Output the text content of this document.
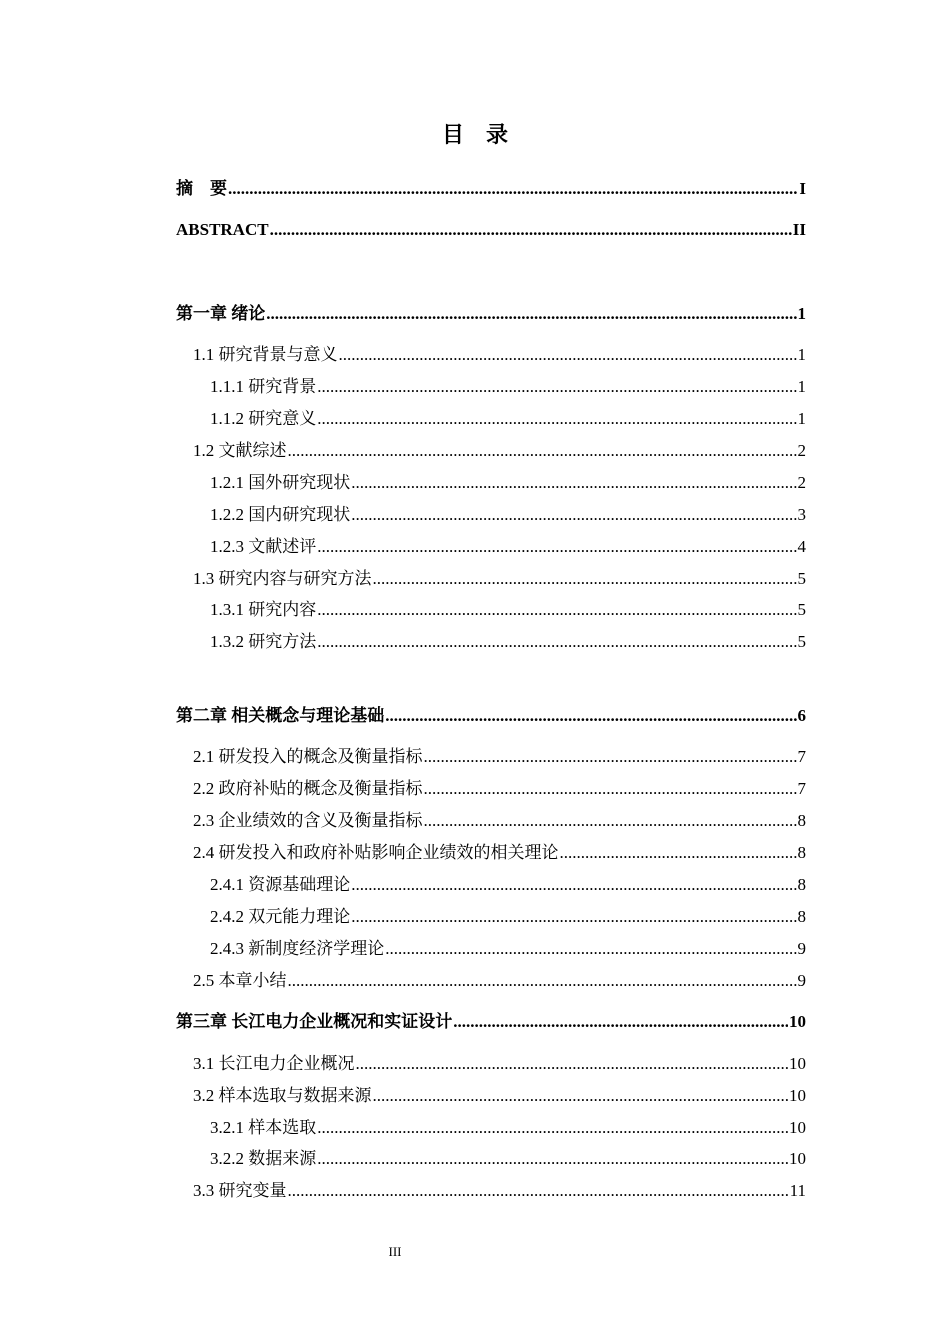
目　录
摘　要 .....	I
ABSTRACT .....	II
第一章 绪论 .....	1
1.1 研究背景与意义 .....	1
1.1.1 研究背景 .....	1
1.1.2 研究意义 .....	1
1.2 文献综述 .....	2
1.2.1 国外研究现状 .....	2
1.2.2 国内研究现状 .....	3
1.2.3 文献述评 .....	4
1.3 研究内容与研究方法 .....	5
1.3.1 研究内容 .....	5
1.3.2 研究方法 .....	5
第二章 相关概念与理论基础 .....	6
2.1 研发投入的概念及衡量指标 .....	7
2.2 政府补贴的概念及衡量指标 .....	7
2.3 企业绩效的含义及衡量指标 .....	8
2.4 研发投入和政府补贴影响企业绩效的相关理论 .....	8
2.4.1 资源基础理论 .....	8
2.4.2 双元能力理论 .....	8
2.4.3 新制度经济学理论 .....	9
2.5 本章小结 .....	9
第三章 长江电力企业概况和实证设计 .....	10
3.1 长江电力企业概况 .....	10
3.2 样本选取与数据来源 .....	10
3.2.1 样本选取 .....	10
3.2.2 数据来源 .....	10
3.3 研究变量 .....	11
III
